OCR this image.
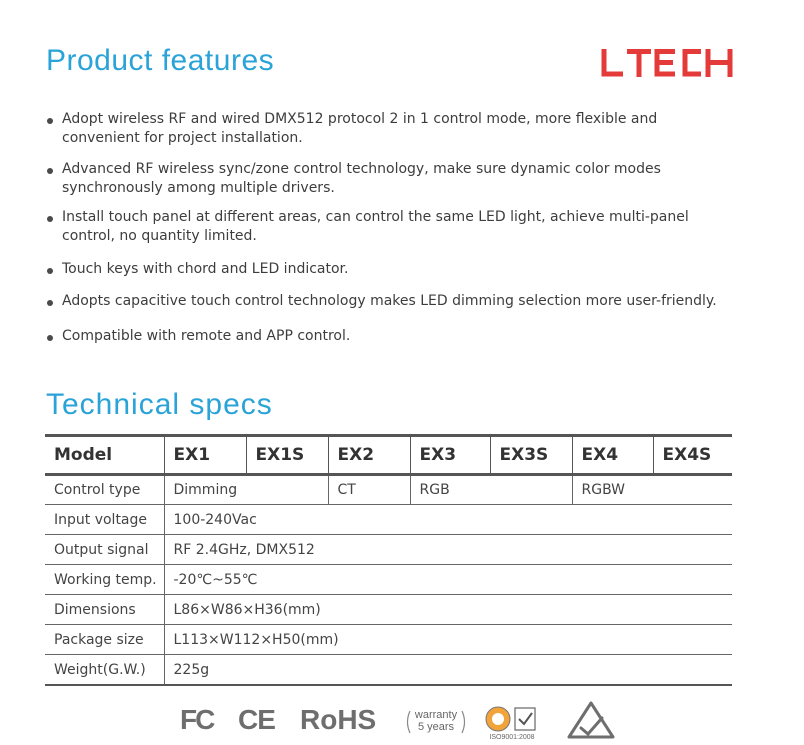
Product features
Adopt wireless RF and wired DMX512 protocol 2 in 1 control mode, more flexible and
convenient for project installation.
Advanced RF wireless sync/zone control technology, make sure dynamic color modes
synchronously among multiple drivers.
Install touch panel at different areas, can control the same LED light, achieve multi-panel
control, no quantity limited.
Touch keys with chord and LED indicator.
Adopts capacitive touch control technology makes LED dimming selection more user-friendly.
Compatible with remote and APP control.
Technical specs
Model	EX1	EX1S	EX2	EX3	EX3S	EX4	EX4S
Control type	Dimming		CT	RGB		RGBW	
Input voltage	100-240Vac						
Output signal	RF 2.4GHz, DMX512						
Working temp.	-20℃~55℃						
Dimensions	L86×W86×H36(mm)						
Package size	L113×W112×H50(mm)						
Weight(G.W.)	225g						
FC CE RoHS	warranty
5 years
ISO9001:2008
